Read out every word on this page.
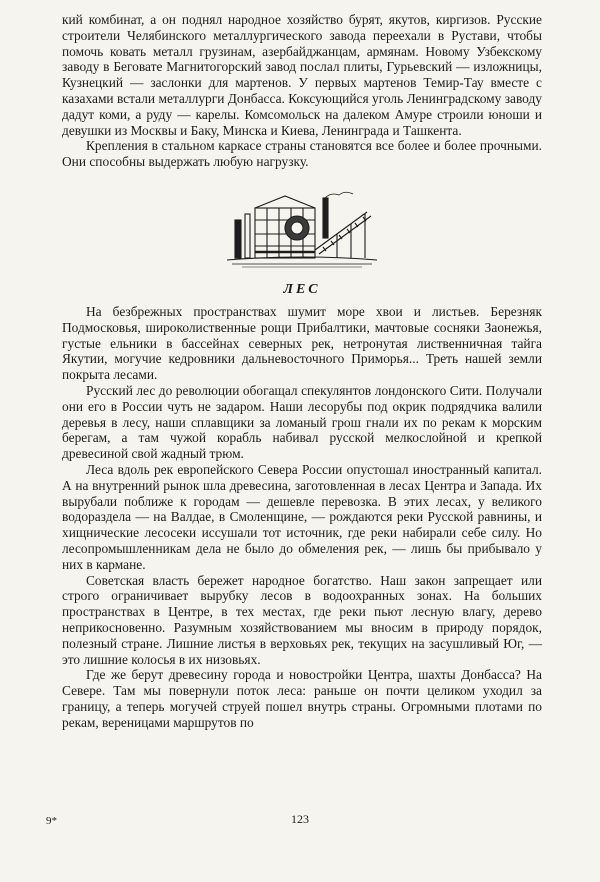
кий комбинат, а он поднял народное хозяйство бурят, якутов, киргизов. Русские строители Челябинского металлургического завода переехали в Рустави, чтобы помочь ковать металл грузинам, азербайджанцам, армянам. Новому Узбекскому заводу в Беговате Магнитогорский завод послал плиты, Гурьевский — изложницы, Кузнецкий — заслонки для мартенов. У первых мартенов Темир-Тау вместе с казахами встали металлурги Донбасса. Коксующийся уголь Ленинградскому заводу дадут коми, а руду — карелы. Комсомольск на далеком Амуре строили юноши и девушки из Москвы и Баку, Минска и Киева, Ленинграда и Ташкента.

Крепления в стальном каркасе страны становятся все более и более прочными. Они способны выдержать любую нагрузку.

ЛЕС

На безбрежных пространствах шумит море хвои и листьев. Березняк Подмосковья, широколиственные рощи Прибалтики, мачтовые сосняки Заонежья, густые ельники в бассейнах северных рек, нетронутая лиственничная тайга Якутии, могучие кедровники дальневосточного Приморья... Треть нашей земли покрыта лесами.

Русский лес до революции обогащал спекулянтов лондонского Сити. Получали они его в России чуть не задаром. Наши лесорубы под окрик подрядчика валили деревья в лесу, наши сплавщики за ломаный грош гнали их по рекам к морским берегам, а там чужой корабль набивал русской мелкослойной и крепкой древесиной свой жадный трюм.

Леса вдоль рек европейского Севера России опустошал иностранный капитал. А на внутренний рынок шла древесина, заготовленная в лесах Центра и Запада. Их вырубали поближе к городам — дешевле перевозка. В этих лесах, у великого водораздела — на Валдае, в Смоленщине, — рождаются реки Русской равнины, и хищнические лесосеки иссушали тот источник, где реки набирали себе силу. Но лесопромышленникам дела не было до обмеления рек, — лишь бы прибывало у них в кармане.

Советская власть бережет народное богатство. Наш закон запрещает или строго ограничивает вырубку лесов в водоохранных зонах. На больших пространствах в Центре, в тех местах, где реки пьют лесную влагу, дерево неприкосновенно. Разумным хозяйствованием мы вносим в природу порядок, полезный стране. Лишние листья в верховьях рек, текущих на засушливый Юг, — это лишние колосья в их низовьях.

Где же берут древесину города и новостройки Центра, шахты Донбасса? На Севере. Там мы повернули поток леса: раньше он почти целиком уходил за границу, а теперь могучей струей пошел внутрь страны. Огромными плотами по рекам, вереницами маршрутов по

9*	123
